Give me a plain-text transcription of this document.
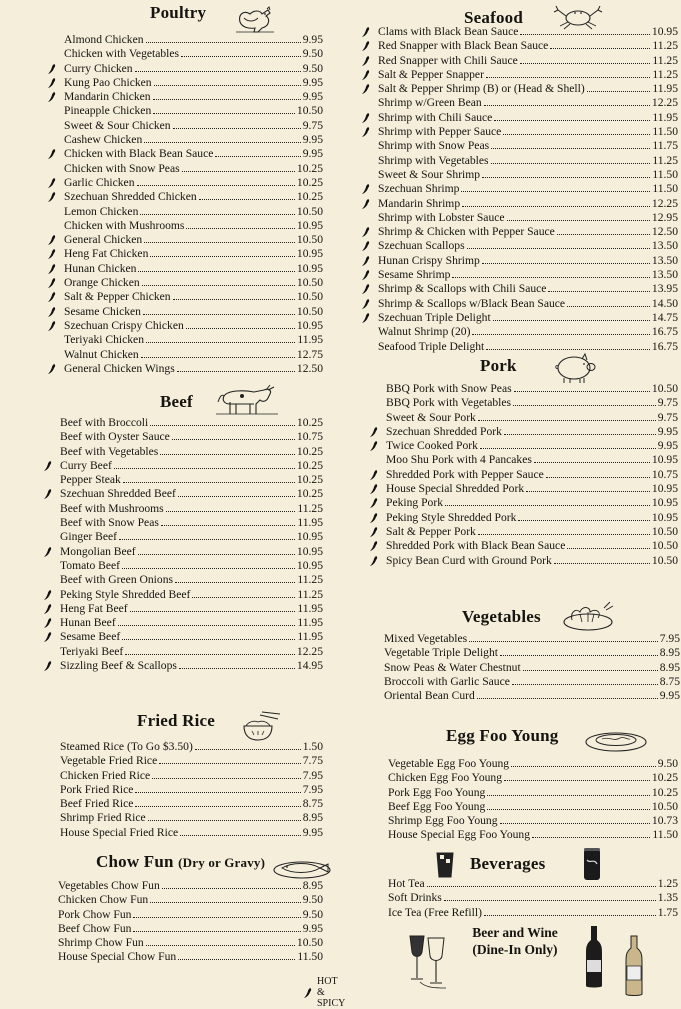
Poultry
Almond Chicken	9.95
Chicken with Vegetables	9.50
Curry Chicken	9.50
Kung Pao Chicken	9.95
Mandarin Chicken	9.95
Pineapple Chicken	10.50
Sweet & Sour Chicken	9.75
Cashew Chicken	9.95
Chicken with Black Bean Sauce	9.95
Chicken with Snow Peas	10.25
Garlic Chicken	10.25
Szechuan Shredded Chicken	10.25
Lemon Chicken	10.50
Chicken with Mushrooms	10.95
General Chicken	10.50
Heng Fat Chicken	10.95
Hunan Chicken	10.95
Orange Chicken	10.50
Salt & Pepper Chicken	10.50
Sesame Chicken	10.50
Szechuan Crispy Chicken	10.95
Teriyaki Chicken	11.95
Walnut Chicken	12.75
General Chicken Wings	12.50
Beef
Beef with Broccoli	10.25
Beef with Oyster Sauce	10.75
Beef with Vegetables	10.25
Curry Beef	10.25
Pepper Steak	10.25
Szechuan Shredded Beef	10.25
Beef with Mushrooms	11.25
Beef with Snow Peas	11.95
Ginger Beef	10.95
Mongolian Beef	10.95
Tomato Beef	10.95
Beef with Green Onions	11.25
Peking Style Shredded Beef	11.25
Heng Fat Beef	11.95
Hunan Beef	11.95
Sesame Beef	11.95
Teriyaki Beef	12.25
Sizzling Beef & Scallops	14.95
Fried Rice
Steamed Rice (To Go $3.50)	1.50
Vegetable Fried Rice	7.75
Chicken Fried Rice	7.95
Pork Fried Rice	7.95
Beef Fried Rice	8.75
Shrimp Fried Rice	8.95
House Special Fried Rice	9.95
Chow Fun (Dry or Gravy)
Vegetables Chow Fun	8.95
Chicken Chow Fun	9.50
Pork Chow Fun	9.50
Beef Chow Fun	9.95
Shrimp Chow Fun	10.50
House Special Chow Fun	11.50
HOT & SPICY
Seafood
Clams with Black Bean Sauce	10.95
Red Snapper with Black Bean Sauce	11.25
Red Snapper with Chili Sauce	11.25
Salt & Pepper Snapper	11.25
Salt & Pepper Shrimp (B) or (Head & Shell)	11.95
Shrimp w/Green Bean	12.25
Shrimp with Chili Sauce	11.95
Shrimp with Pepper Sauce	11.50
Shrimp with Snow Peas	11.75
Shrimp with Vegetables	11.25
Sweet & Sour Shrimp	11.50
Szechuan Shrimp	11.50
Mandarin Shrimp	12.25
Shrimp with Lobster Sauce	12.95
Shrimp & Chicken with Pepper Sauce	12.50
Szechuan Scallops	13.50
Hunan Crispy Shrimp	13.50
Sesame Shrimp	13.50
Shrimp & Scallops with Chili Sauce	13.95
Shrimp & Scallops w/Black Bean Sauce	14.50
Szechuan Triple Delight	14.75
Walnut Shrimp (20)	16.75
Seafood Triple Delight	16.75
Pork
BBQ Pork with Snow Peas	10.50
BBQ Pork with Vegetables	9.75
Sweet & Sour Pork	9.75
Szechuan Shredded Pork	9.95
Twice Cooked Pork	9.95
Moo Shu Pork with 4 Pancakes	10.95
Shredded Pork with Pepper Sauce	10.75
House Special Shredded Pork	10.95
Peking Pork	10.95
Peking Style Shredded Pork	10.95
Salt & Pepper Pork	10.50
Shredded Pork with Black Bean Sauce	10.50
Spicy Bean Curd with Ground Pork	10.50
Vegetables
Mixed Vegetables	7.95
Vegetable Triple Delight	8.95
Snow Peas & Water Chestnut	8.95
Broccoli with Garlic Sauce	8.75
Oriental Bean Curd	9.95
Egg Foo Young
Vegetable Egg Foo Young	9.50
Chicken Egg Foo Young	10.25
Pork Egg Foo Young	10.25
Beef Egg Foo Young	10.50
Shrimp Egg Foo Young	10.73
House Special Egg Foo Young	11.50
Beverages
Hot Tea	1.25
Soft Drinks	1.35
Ice Tea (Free Refill)	1.75
Beer and Wine
(Dine-In Only)
